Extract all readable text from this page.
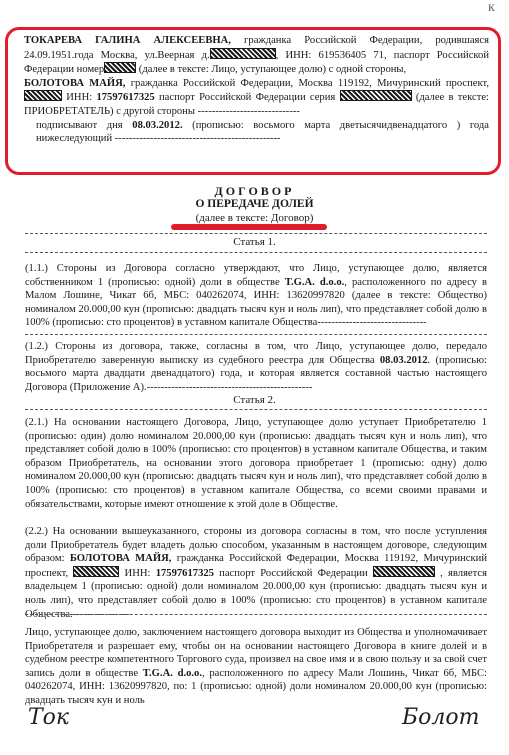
к

ТОКАРЕВА ГАЛИНА АЛЕКСЕЕВНА, гражданка Российской Федерации, родившаяся 24.09.1951.года Москва, ул.Веерная д.	, ИНН: 619536405 71, паспорт Российской Федерации номер	(далее в тексте: Лицо, уступающее долю) с одной стороны,

БОЛОТОВА МАЙЯ, гражданка Российской Федерации, Москва 119192, Мичуринский проспект,  ИНН: 17597617325 паспорт Российской Федерации серия	(далее в тексте: ПРИОБРЕТАТЕЛЬ) с другой стороны -----------------------------

подписывают дня 08.03.2012. (прописью: восьмого марта дветысячидвенадцатого ) года нижеследующий -----------------------------------------------

ДОГОВОР
О ПЕРЕДАЧЕ ДОЛЕЙ
(далее в тексте: Договор)
Статья 1.

(1.1.) Стороны из Договора согласно утверждают, что Лицо, уступающее долю, является собственником 1 (прописью: одной) доли в обществе T.G.A. d.o.o., расположенного по адресу в Малом Лошине, Чикат 6б, МБС: 040262074, ИНН: 13620997820 (далее в тексте: Общество) номиналом 20.000,00 кун (прописью: двадцать тысяч кун и ноль лип), что представляет собой долю в 100% (прописью: сто процентов) в уставном капитале Общества-------------------------------

(1.2.) Стороны из договора, также, согласны в том, что Лицо, уступающее долю, передало Приобретателю заверенную выписку из судебного реестра для Общества 08.03.2012. (прописью: восьмого марта двадцати двенадцатого) года, и которая является составной частью настоящего Договора (Приложение А).-----------------------------------------------

Статья 2.

(2.1.) На основании настоящего Договора, Лицо, уступающее долю уступает Приобретателю 1 (прописью: один) долю номиналом 20.000,00 кун (прописью: двадцать тысяч кун и ноль лип), что представляет собой долю в 100% (прописью: сто процентов) в уставном капитале Общества, и таким образом Приобретатель, на основании этого договора приобретает 1 (прописью: одну) долю номиналом 20.000,00 кун (прописью: двадцать тысяч кун и ноль лип), что представляет собой долю в 100% (прописью: сто процентов) в уставном капитале Общества, со всеми своими правами и обязательствами, которые имеют отношение к этой доле в Обществе.

(2.2.) На основании вышеуказанного, стороны из договора согласны в том, что после уступления доли Приобретатель будет владеть долью способом, указанным в настоящем договоре, следующим образом: БОЛОТОВА МАЙЯ, гражданка Российской Федерации, Москва 119192, Мичуринский проспект,	ИНН: 17597617325 паспорт Российской Федерации	, является владельцем 1 (прописью: одной) доли номиналом 20.000,00 кун (прописью: двадцать тысяч кун и ноль лип), что представляет собой долю в 100% (прописью: сто процентов) в уставном капитале Общества.-----------------

Лицо, уступающее долю, заключением настоящего договора выходит из Общества и уполномачивает Приобретателя и разрешает ему, чтобы он на основании настоящего Договора в книге долей и в судебном реестре компетентного Торгового суда, произвел на свое имя и в свою пользу и за свой счет запись доли в обществе T.G.A. d.o.o., расположенного по адресу Мали Лошинь, Чикат 6б, МБС: 040262074, ИНН: 13620997820, по: 1 (прописью: одной) доли номиналом 20.000,00 кун (прописью: двадцать тысяч кун и ноль

Ток	Болот
